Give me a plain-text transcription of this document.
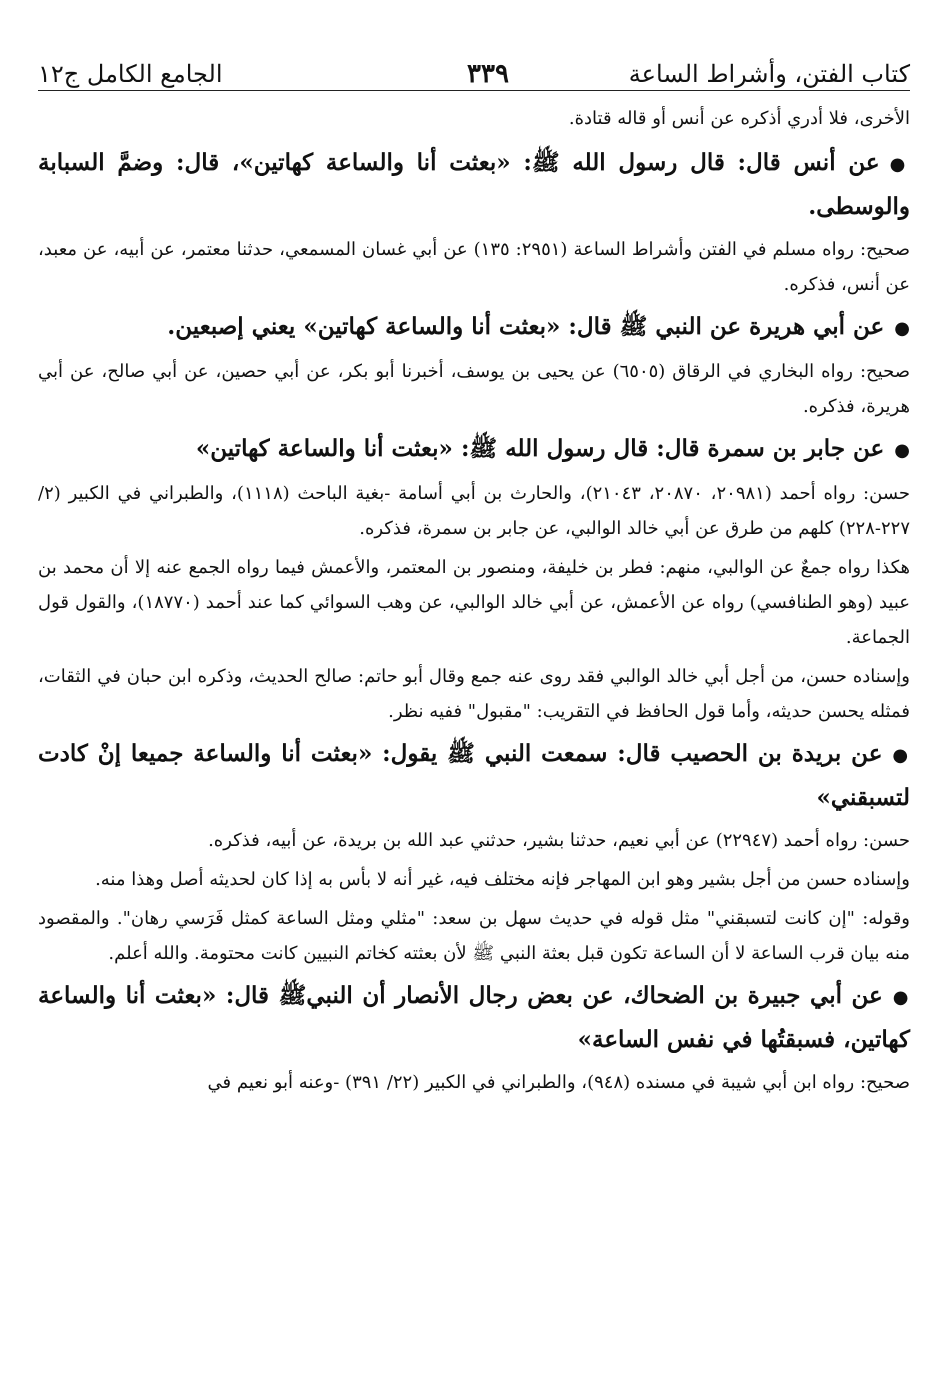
كتاب الفتن، وأشراط الساعة
٣٣٩
الجامع الكامل ج١٢

الأخرى، فلا أدري أذكره عن أنس أو قاله قتادة.

●عن أنس قال: قال رسول الله ﷺ: «بعثت أنا والساعة كهاتين»، قال: وضمَّ السبابة والوسطى.

صحيح: رواه مسلم في الفتن وأشراط الساعة (٢٩٥١: ١٣٥) عن أبي غسان المسمعي، حدثنا معتمر، عن أبيه، عن معبد، عن أنس، فذكره.

●عن أبي هريرة عن النبي ﷺ قال: «بعثت أنا والساعة كهاتين» يعني إصبعين.

صحيح: رواه البخاري في الرقاق (٦٥٠٥) عن يحيى بن يوسف، أخبرنا أبو بكر، عن أبي حصين، عن أبي صالح، عن أبي هريرة، فذكره.

●عن جابر بن سمرة قال: قال رسول الله ﷺ: «بعثت أنا والساعة كهاتين»

حسن: رواه أحمد (٢٠٩٨١، ٢٠٨٧٠، ٢١٠٤٣)، والحارث بن أبي أسامة -بغية الباحث (١١١٨)، والطبراني في الكبير (٢/ ٢٢٧-٢٢٨) كلهم من طرق عن أبي خالد الوالبي، عن جابر بن سمرة، فذكره.

هكذا رواه جمعٌ عن الوالبي، منهم: فطر بن خليفة، ومنصور بن المعتمر، والأعمش فيما رواه الجمع عنه إلا أن محمد بن عبيد (وهو الطنافسي) رواه عن الأعمش، عن أبي خالد الوالبي، عن وهب السوائي كما عند أحمد (١٨٧٧٠)، والقول قول الجماعة.

وإسناده حسن، من أجل أبي خالد الوالبي فقد روى عنه جمع وقال أبو حاتم: صالح الحديث، وذكره ابن حبان في الثقات، فمثله يحسن حديثه، وأما قول الحافظ في التقريب: "مقبول" ففيه نظر.

●عن بريدة بن الحصيب قال: سمعت النبي ﷺ يقول: «بعثت أنا والساعة جميعا إنْ كادت لتسبقني»

حسن: رواه أحمد (٢٢٩٤٧) عن أبي نعيم، حدثنا بشير، حدثني عبد الله بن بريدة، عن أبيه، فذكره.

وإسناده حسن من أجل بشير وهو ابن المهاجر فإنه مختلف فيه، غير أنه لا بأس به إذا كان لحديثه أصل وهذا منه.

وقوله: "إن كانت لتسبقني" مثل قوله في حديث سهل بن سعد: "مثلي ومثل الساعة كمثل فَرَسي رهان". والمقصود منه بيان قرب الساعة لا أن الساعة تكون قبل بعثة النبي ﷺ لأن بعثته كخاتم النبيين كانت محتومة. والله أعلم.

●عن أبي جبيرة بن الضحاك، عن بعض رجال الأنصار أن النبيﷺ قال: «بعثت أنا والساعة كهاتين، فسبقتُها في نفس الساعة»

صحيح: رواه ابن أبي شيبة في مسنده (٩٤٨)، والطبراني في الكبير (٢٢/ ٣٩١) -وعنه أبو نعيم في
